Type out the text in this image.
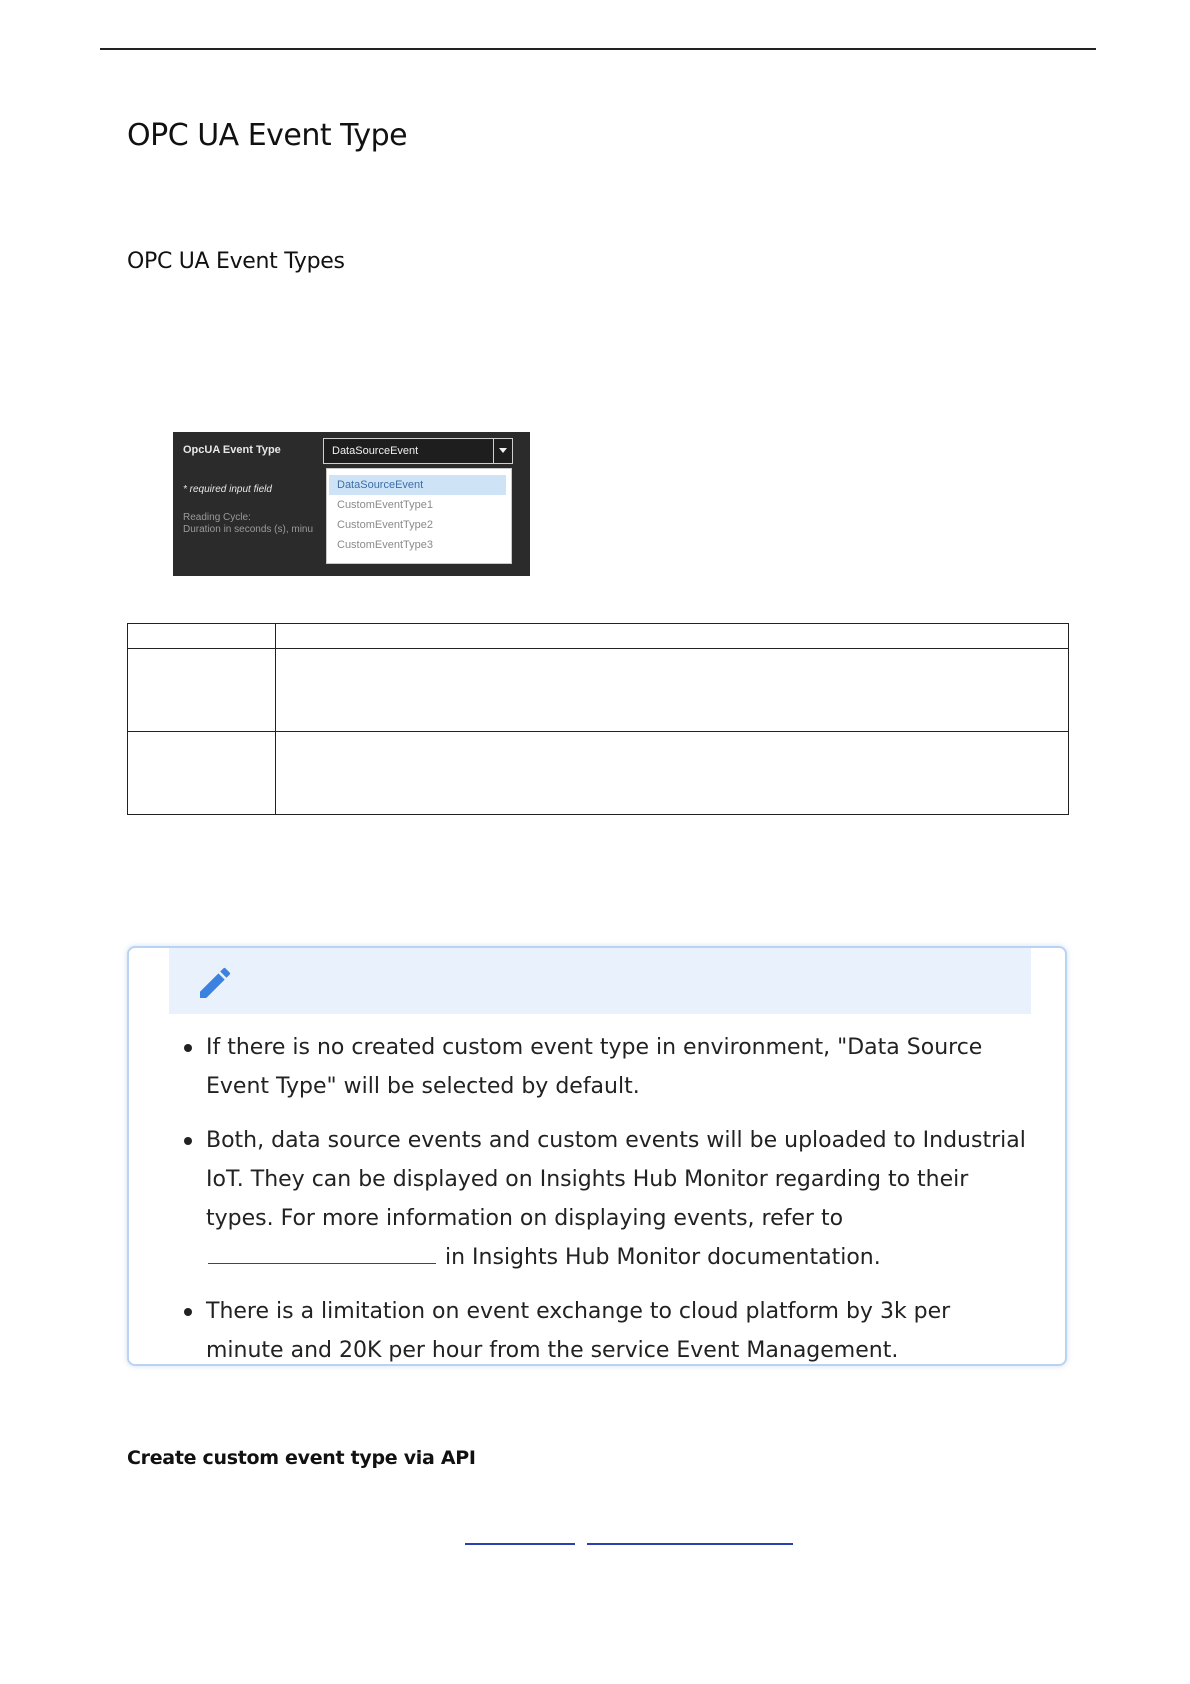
OPC UA Event Type
OPC UA Event Types
OpcUA Event Type
* required input field
Reading Cycle:
Duration in seconds (s), minu
DataSourceEvent
DataSourceEvent
CustomEventType1
CustomEventType2
CustomEventType3

If there is no created custom event type in environment, "Data Source Event Type" will be selected by default.
Both, data source events and custom events will be uploaded to Industrial IoT. They can be displayed on Insights Hub Monitor regarding to their types. For more information on displaying events, refer to  in Insights Hub Monitor documentation.
There is a limitation on event exchange to cloud platform by 3k per minute and 20K per hour from the service Event Management.
Create custom event type via API
